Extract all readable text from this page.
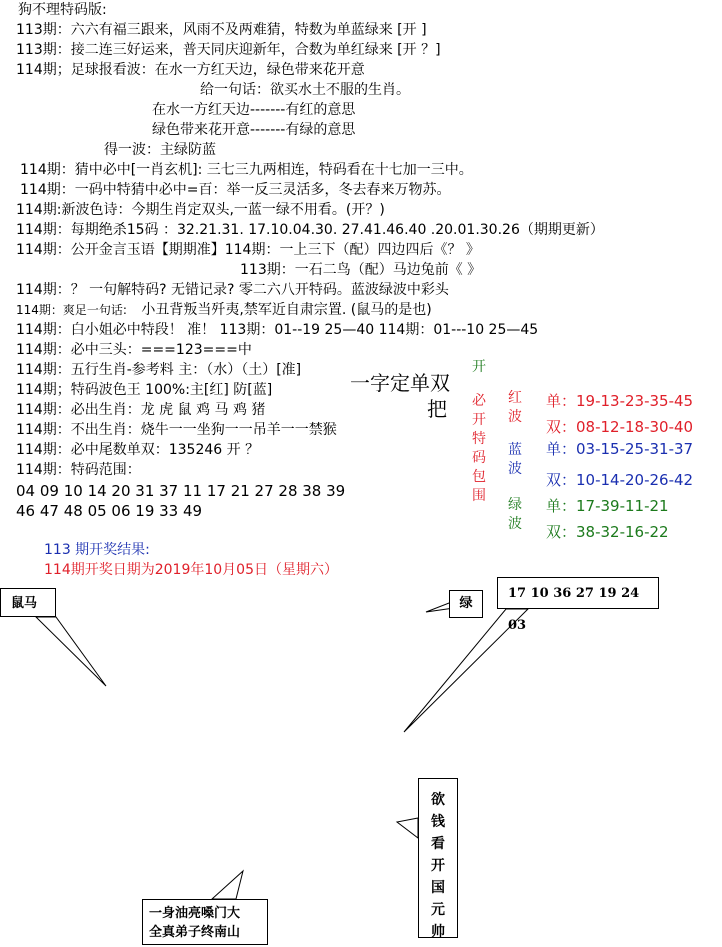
狗不理特码版:
113期：六六有福三跟来，风雨不及两难猜，特数为单蓝绿来 [开 ]
113期：接二连三好运来，普天同庆迎新年，合数为单红绿来 [开 ？]
114期；足球报看波：在水一方红天边，绿色带来花开意
给一句话：欲买水土不服的生肖。
在水一方红天边-------有红的意思
绿色带来花开意-------有绿的意思
得一波：主绿防蓝
114期：猜中必中[一肖玄机]: 三七三九两相连，特码看在十七加一三中。
114期：一码中特猜中必中=百：举一反三灵活多，冬去春来万物苏。
114期:新波色诗：今期生肖定双头,一蓝一绿不用看。(开？)
114期：每期绝杀15码 ：32.21.31. 17.10.04.30. 27.41.46.40 .20.01.30.26（期期更新）
114期：公开金言玉语【期期准】114期：一上三下（配）四边四后《？ 》
113期：一石二鸟（配）马边兔前《 》
114期：？ 一句解特码? 无错记录? 零二六八开特码。蓝波绿波中彩头
114期：爽足一句话: 小丑背叛当歼夷,禁军近自肃宗置. (鼠马的是也)
114期：白小姐必中特段！ 准！ 113期：01--19 25—40 114期：01---10 25—45
114期：必中三头：===123===中
114期：五行生肖-参考料 主：（水）（土）[准]
114期；特码波色王 100%:主[红] 防[蓝]
114期：必出生肖：龙 虎 鼠 鸡 马 鸡 猪
114期：不出生肖：烧牛一一坐狗一一吊羊一一禁猴
114期：必中尾数单双：135246 开 ？
114期：特码范围：
04 09 10 14 20 31 37 11 17 21 27 28 38 39
46 47 48 05 06 19 33 49
113 期开奖结果:
114期开奖日期为2019年10月05日（星期六）
一字定单双
把
开
必开特码包围
红波
蓝波
绿波
单：19-13-23-35-45
双：08-12-18-30-40
单：03-15-25-31-37
双：10-14-20-26-42
单：17-39-11-21
双：38-32-16-22
鼠马	绿
17 10 36 27 19 24 03
欲钱看开国元帅
一身油亮嗓门大
全真弟子终南山
